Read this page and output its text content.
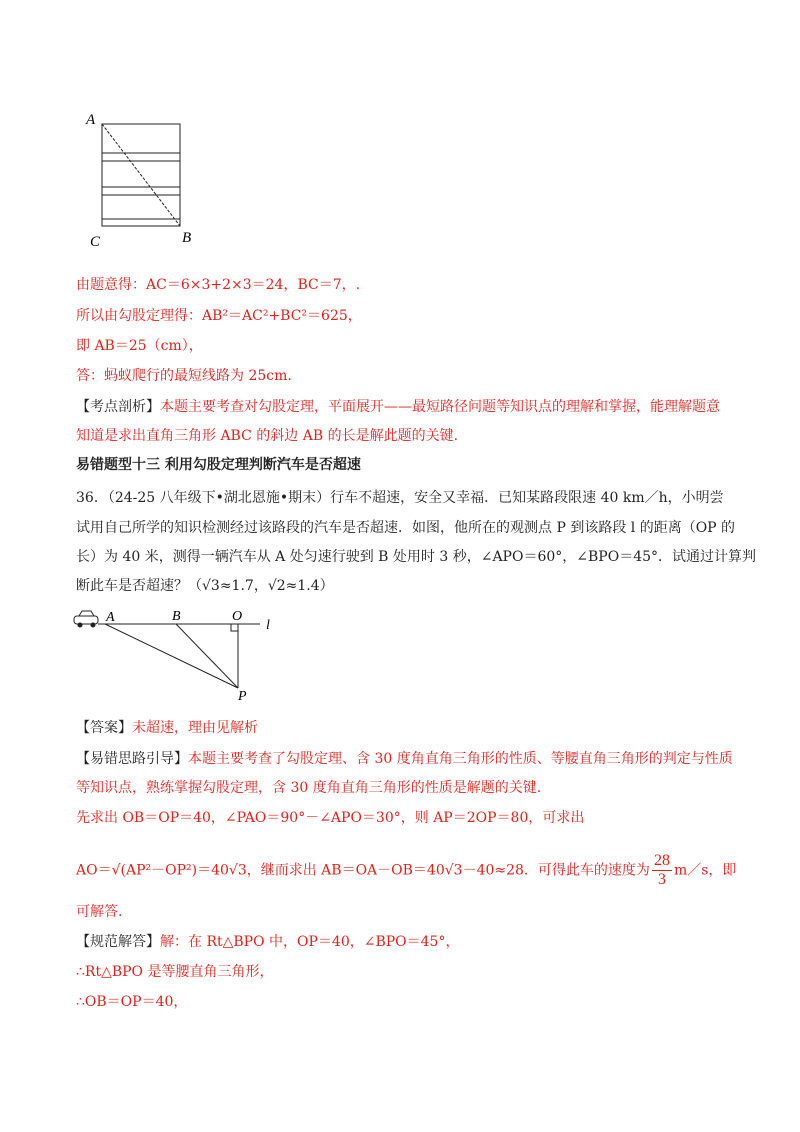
A
C	B
由题意得：AC＝6×3+2×3＝24，BC＝7，.
所以由勾股定理得：AB²＝AC²+BC²＝625，
即 AB＝25（cm），
答：蚂蚁爬行的最短线路为 25cm.
【考点剖析】本题主要考查对勾股定理，平面展开——最短路径问题等知识点的理解和掌握，能理解题意
知道是求出直角三角形 ABC 的斜边 AB 的长是解此题的关键.
易错题型十三 利用勾股定理判断汽车是否超速
36．（24-25 八年级下•湖北恩施•期末）行车不超速，安全又幸福．已知某路段限速 40 km／h，小明尝
试用自己所学的知识检测经过该路段的汽车是否超速．如图，他所在的观测点 P 到该路段 l 的距离（OP 的
长）为 40 米，测得一辆汽车从 A 处匀速行驶到 B 处用时 3 秒，∠APO＝60°，∠BPO＝45°．试通过计算判
断此车是否超速？（√3≈1.7，√2≈1.4）
A	B	O
l
P
【答案】未超速，理由见解析
【易错思路引导】本题主要考查了勾股定理、含 30 度角直角三角形的性质、等腰直角三角形的判定与性质
等知识点，熟练掌握勾股定理，含 30 度角直角三角形的性质是解题的关键.
先求出 OB＝OP＝40，∠PAO＝90°－∠APO＝30°，则 AP＝2OP＝80，可求出
AO＝√(AP²－OP²)＝40√3，继而求出 AB＝OA－OB＝40√3－40≈28．可得此车的速度为 $\frac{28}{3}$ m／s，即
可解答.
【规范解答】解：在 Rt△BPO 中，OP＝40，∠BPO＝45°，
∴Rt△BPO 是等腰直角三角形，
∴OB＝OP＝40，
